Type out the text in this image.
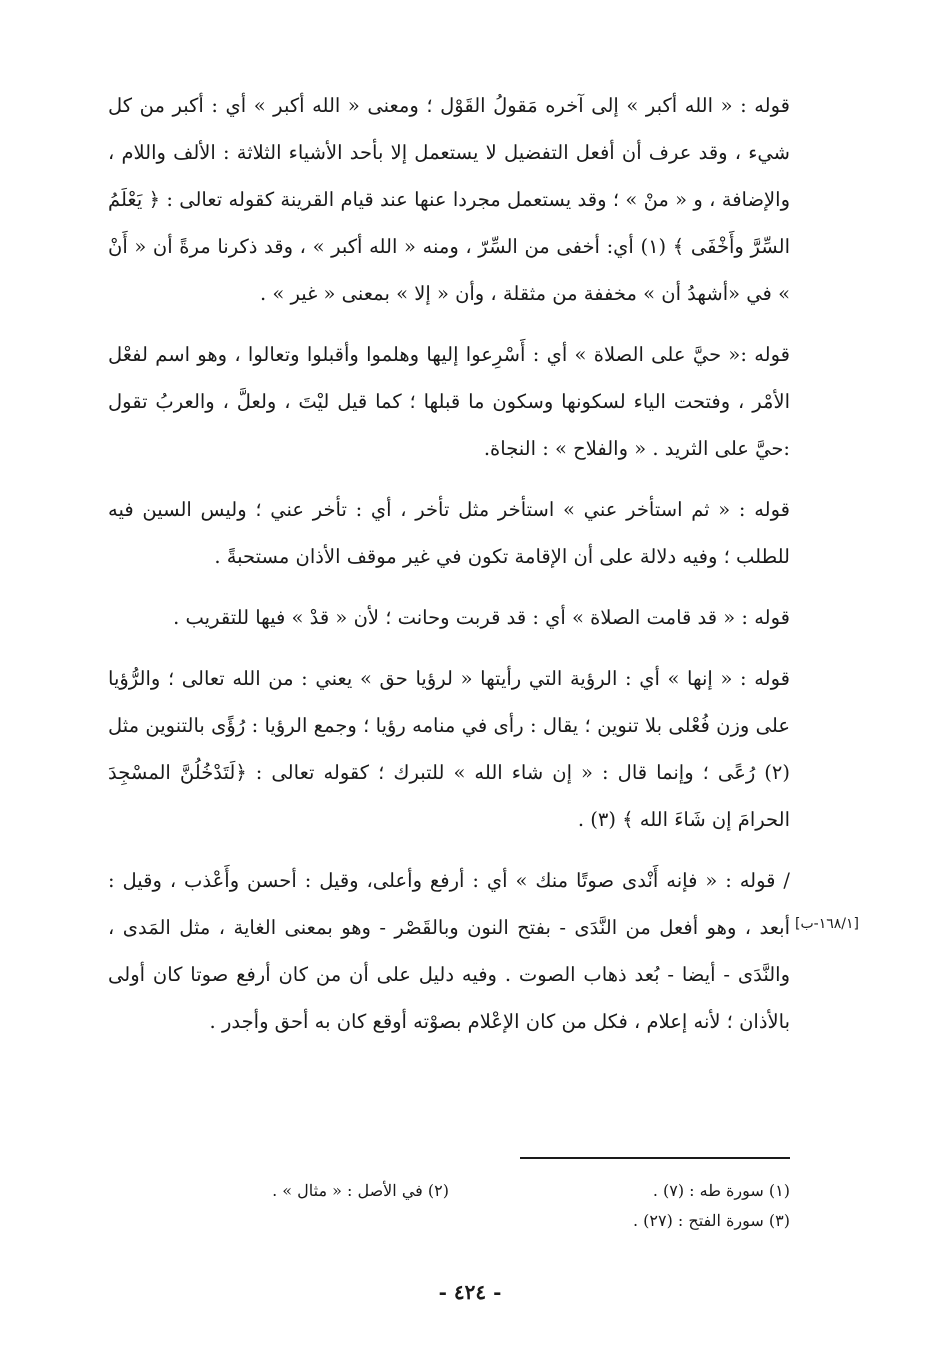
قوله : « الله أكبر » إلى آخره مَقولُ القَوْل ؛ ومعنى « الله أكبر » أي : أكبر من كل شيء ، وقد عرف أن أفعل التفضيل لا يستعمل إلا بأحد الأشياء الثلاثة : الألف واللام ، والإضافة ، و « منْ » ؛ وقد يستعمل مجردا عنها عند قيام القرينة كقوله تعالى : ﴿ يَعْلَمُ السِّرَّ وأَخْفَى ﴾ (١) أي: أخفى من السِّرّ ، ومنه « الله أكبر » ، وقد ذكرنا مرةً أن « أَنْ » في «أشهدُ أن » مخففة من مثقلة ، وأن « إلا » بمعنى « غير » .

قوله :« حيَّ على الصلاة » أي : أَسْرِعوا إليها وهلموا وأقبلوا وتعالوا ، وهو اسم لفعْل الأمْر ، وفتحت الياء لسكونها وسكون ما قبلها ؛ كما قيل ليْتَ ، ولعلَّ ، والعربُ تقول :حيَّ على الثريد . « والفلاح » : النجاة.

قوله : « ثم استأخر عني » استأخر مثل تأخر ، أي : تأخر عني ؛ وليس السين فيه للطلب ؛ وفيه دلالة على أن الإقامة تكون في غير موقف الأذان مستحبةً .

قوله : « قد قامت الصلاة » أي : قد قربت وحانت ؛ لأن « قدْ » فيها للتقريب .

قوله : « إنها » أي : الرؤية التي رأيتها « لرؤيا حق » يعني : من الله تعالى ؛ والرُّؤيا على وزن فُعْلى بلا تنوين ؛ يقال : رأى في منامه رؤيا ؛ وجمع الرؤيا : رُؤًى بالتنوين مثل (٢) رُعًى ؛ وإنما قال : « إن شاء الله » للتبرك ؛ كقوله تعالى : ﴿لَتَدْخُلُنَّ المسْجِدَ الحرامَ إن شَاءَ الله ﴾ (٣) .

/ قوله : « فإنه أَنْدى صوتًا منك » أي : أرفع وأعلى، وقيل : أحسن وأَعْذب ، وقيل : أبعد ، وهو أفعل من النَّدَى - بفتح النون وبالقَصْر - وهو بمعنى الغاية ، مثل المَدى ، والنَّدَى - أيضا - بُعد ذهاب الصوت . وفيه دليل على أن من كان أرفع صوتا كان أولى بالأذان ؛ لأنه إعلام ، فكل من كان الإعْلام بصوْته أوقع كان به أحق وأجدر .

[١٦٨/١-ب]
(١) سورة طه : (٧) .
(٢) في الأصل : « مثال » .
(٣) سورة الفتح : (٢٧) .
- ٤٢٤ -
